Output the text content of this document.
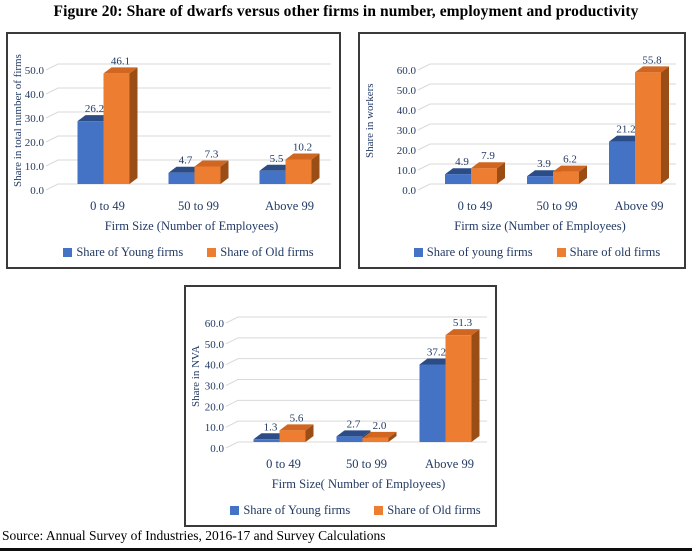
Figure 20: Share of dwarfs versus other firms in number, employment and productivity
Share in total number of firms
0.0
10.0
20.0
30.0
40.0
50.0
0 to 49
26.2
46.1
50 to 99
4.7
7.3
Above 99
5.5
10.2
Firm Size (Number of Employees)
Share of Young firms	Share of Old firms
Share in workers
0.0
10.0
20.0
30.0
40.0
50.0
60.0
0 to 49
4.9 7.9
50 to 99
3.9 6.2
Above 99
21.2
55.8
Firm size (Number of Employees)
Share of young firms	Share of old firms
Share in NVA
0.0
10.0
20.0
30.0
40.0
50.0
60.0
0 to 49
1.3
5.6
50 to 99
2.7 2.0
Above 99
37.2
51.3
Firm Size( Number of Employees)
Share of Young firms	Share of Old firms
Source: Annual Survey of Industries, 2016-17 and Survey Calculations
